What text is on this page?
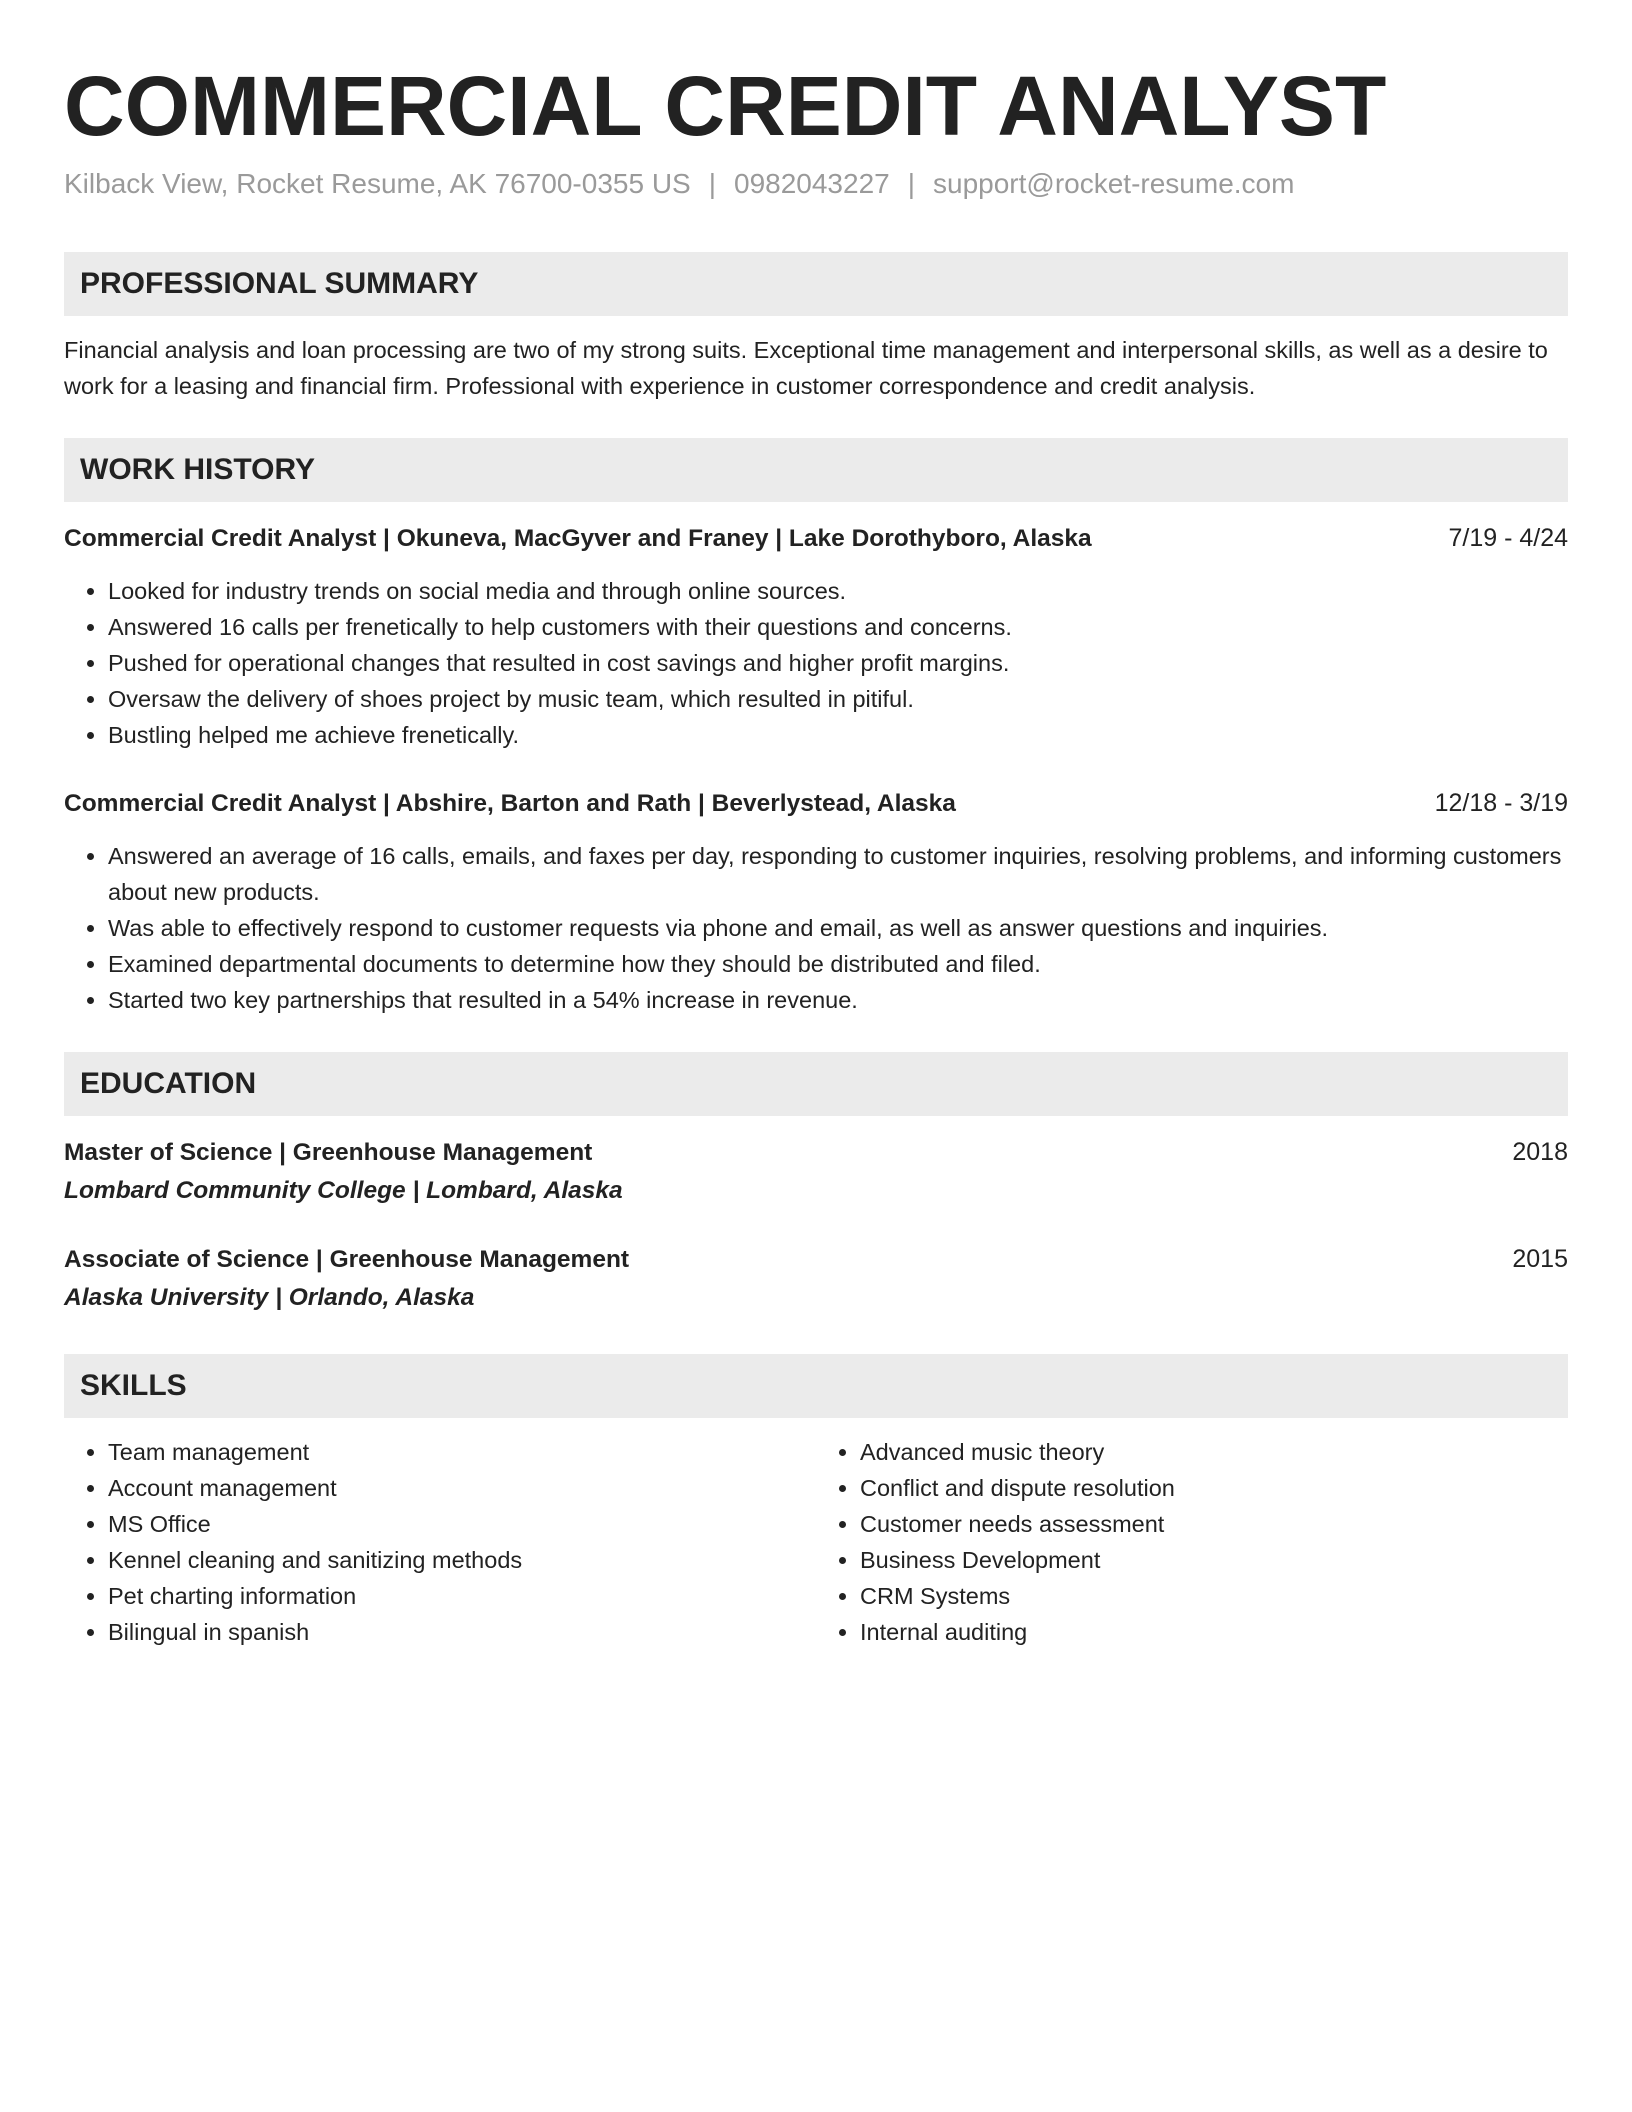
COMMERCIAL CREDIT ANALYST
Kilback View, Rocket Resume, AK 76700-0355 US | 0982043227 | support@rocket-resume.com
PROFESSIONAL SUMMARY

Financial analysis and loan processing are two of my strong suits. Exceptional time management and interpersonal skills, as well as a desire to work for a leasing and financial firm. Professional with experience in customer correspondence and credit analysis.

WORK HISTORY
Commercial Credit Analyst | Okuneva, MacGyver and Franey | Lake Dorothyboro, Alaska	7/19 - 4/24
• Looked for industry trends on social media and through online sources.
• Answered 16 calls per frenetically to help customers with their questions and concerns.
• Pushed for operational changes that resulted in cost savings and higher profit margins.
• Oversaw the delivery of shoes project by music team, which resulted in pitiful.
• Bustling helped me achieve frenetically.
Commercial Credit Analyst | Abshire, Barton and Rath | Beverlystead, Alaska	12/18 - 3/19
• Answered an average of 16 calls, emails, and faxes per day, responding to customer inquiries, resolving problems, and informing customers about new products.
• Was able to effectively respond to customer requests via phone and email, as well as answer questions and inquiries.
• Examined departmental documents to determine how they should be distributed and filed.
• Started two key partnerships that resulted in a 54% increase in revenue.
EDUCATION
Master of Science | Greenhouse Management	2018
Lombard Community College | Lombard, Alaska
Associate of Science | Greenhouse Management	2015
Alaska University | Orlando, Alaska
SKILLS
• Team management
• Account management
• MS Office
• Kennel cleaning and sanitizing methods
• Pet charting information
• Bilingual in spanish
• Advanced music theory
• Conflict and dispute resolution
• Customer needs assessment
• Business Development
• CRM Systems
• Internal auditing
